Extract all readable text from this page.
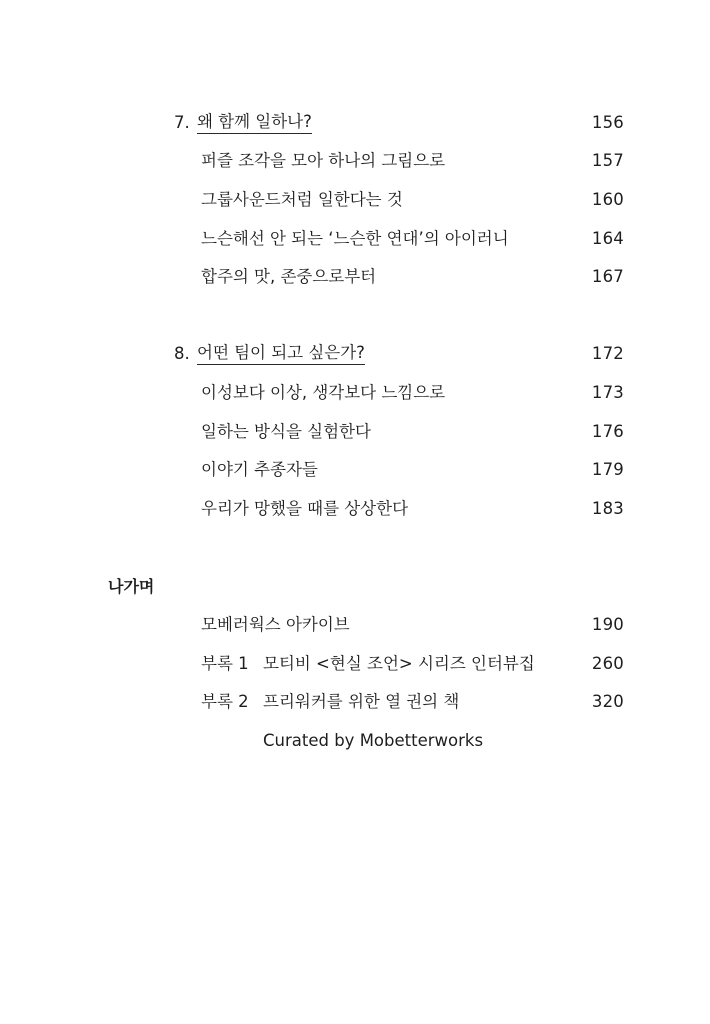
7. 왜 함께 일하나?	156
퍼즐 조각을 모아 하나의 그림으로	157
그룹사운드처럼 일한다는 것	160
느슨해선 안 되는 ‘느슨한 연대’의 아이러니	164
합주의 맛, 존중으로부터	167
8. 어떤 팀이 되고 싶은가?	172
이성보다 이상, 생각보다 느낌으로	173
일하는 방식을 실험한다	176
이야기 추종자들	179
우리가 망했을 때를 상상한다	183
나가며
모베러웍스 아카이브	190
부록 1 모티비 <현실 조언> 시리즈 인터뷰집	260
부록 2 프리워커를 위한 열 권의 책	320
Curated by Mobetterworks
